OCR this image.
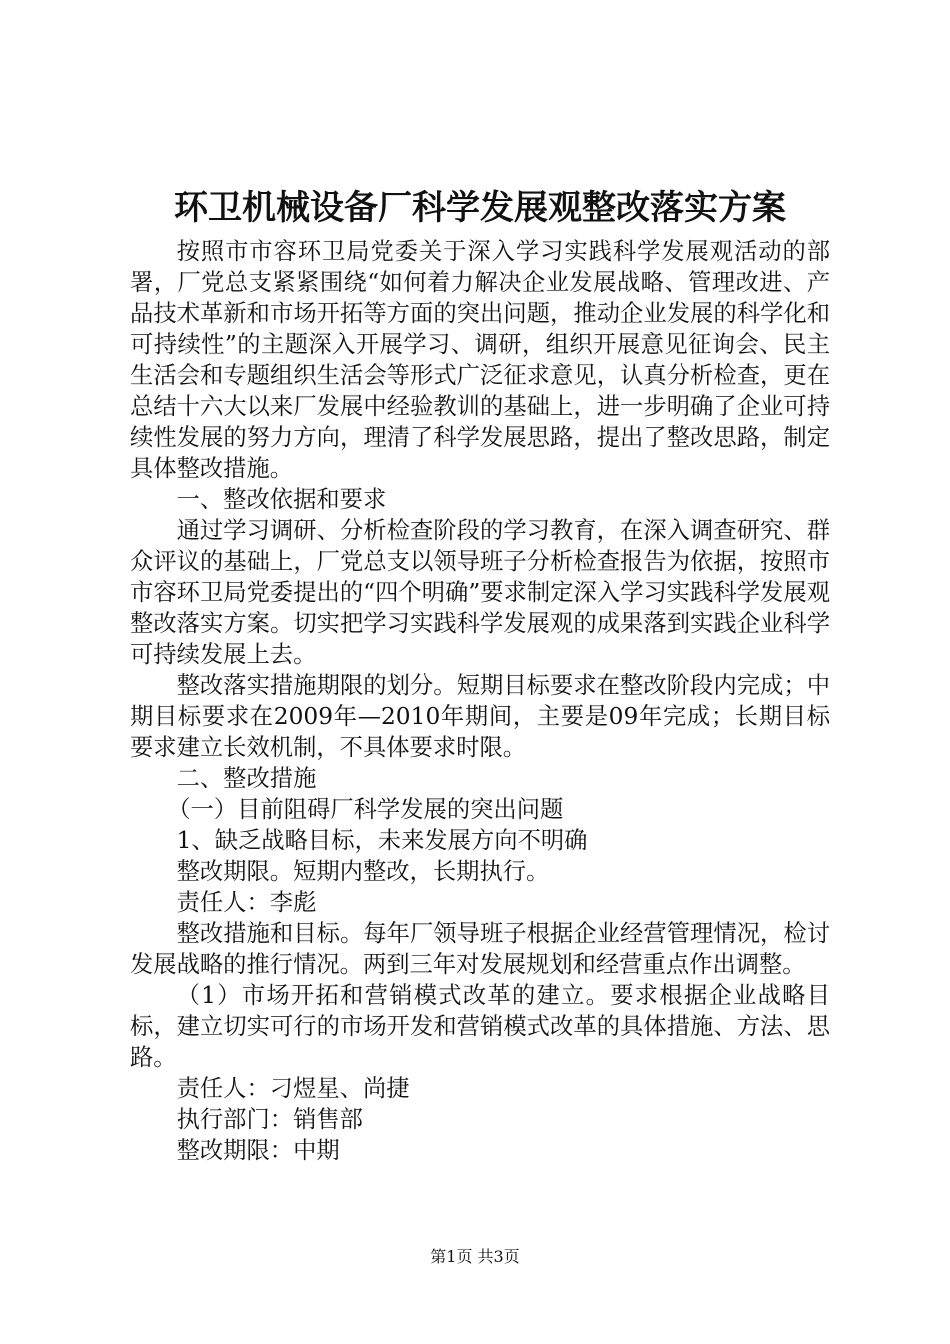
环卫机械设备厂科学发展观整改落实方案

按照市市容环卫局党委关于深入学习实践科学发展观活动的部署，厂党总支紧紧围绕“如何着力解决企业发展战略、管理改进、产品技术革新和市场开拓等方面的突出问题，推动企业发展的科学化和可持续性”的主题深入开展学习、调研，组织开展意见征询会、民主生活会和专题组织生活会等形式广泛征求意见，认真分析检查，更在总结十六大以来厂发展中经验教训的基础上，进一步明确了企业可持续性发展的努力方向，理清了科学发展思路，提出了整改思路，制定具体整改措施。

一、整改依据和要求

通过学习调研、分析检查阶段的学习教育，在深入调查研究、群众评议的基础上，厂党总支以领导班子分析检查报告为依据，按照市市容环卫局党委提出的“四个明确”要求制定深入学习实践科学发展观整改落实方案。切实把学习实践科学发展观的成果落到实践企业科学可持续发展上去。

整改落实措施期限的划分。短期目标要求在整改阶段内完成；中期目标要求在2009年—2010年期间，主要是09年完成；长期目标要求建立长效机制，不具体要求时限。

二、整改措施

（一）目前阻碍厂科学发展的突出问题

1、缺乏战略目标，未来发展方向不明确

整改期限。短期内整改，长期执行。

责任人：李彪

整改措施和目标。每年厂领导班子根据企业经营管理情况，检讨发展战略的推行情况。两到三年对发展规划和经营重点作出调整。

（1）市场开拓和营销模式改革的建立。要求根据企业战略目标，建立切实可行的市场开发和营销模式改革的具体措施、方法、思路。

责任人：刁煜星、尚捷

执行部门：销售部

整改期限：中期

第1页 共3页
